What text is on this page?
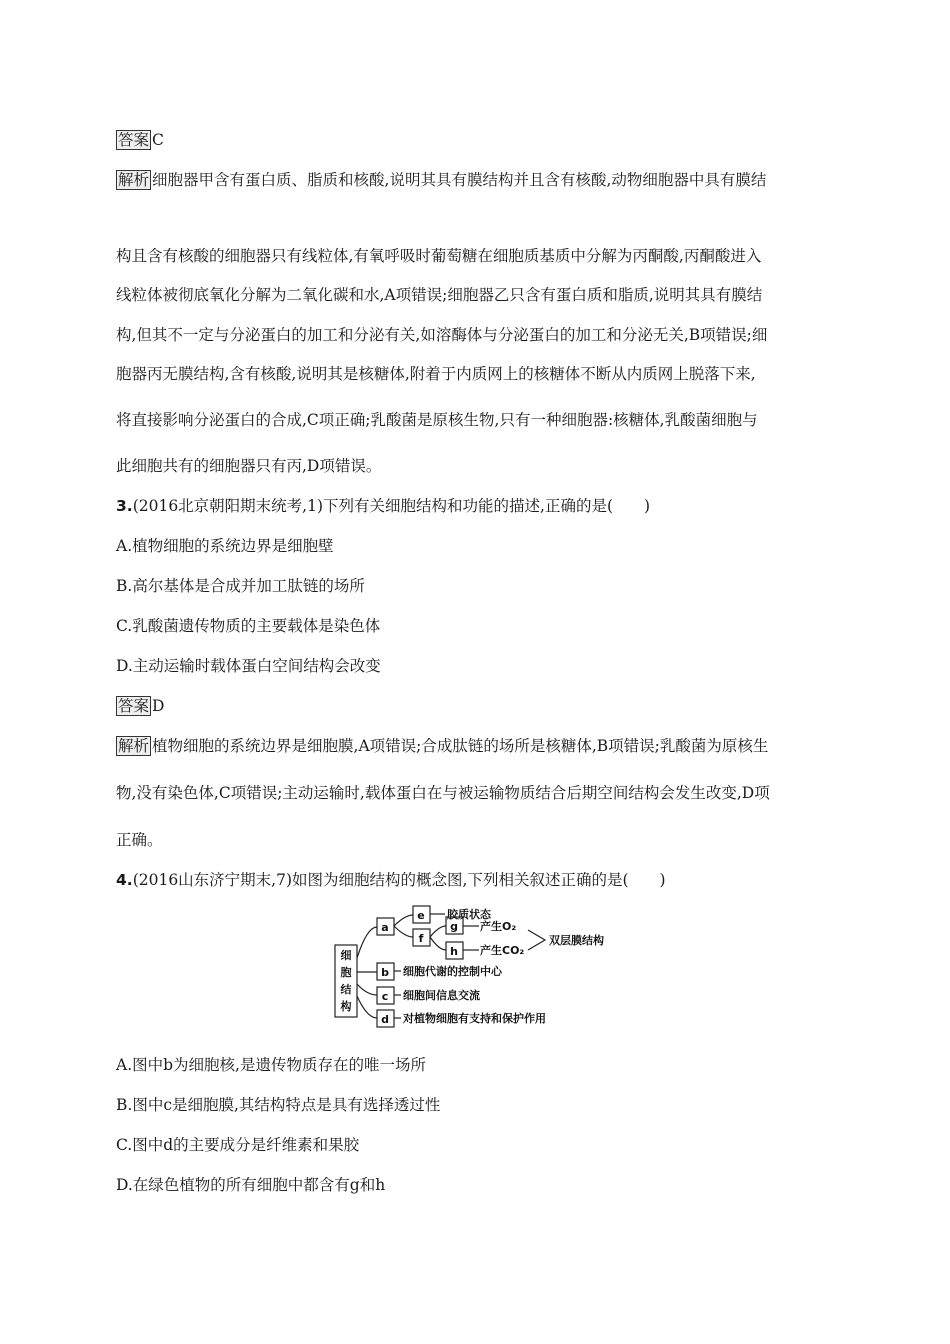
答案 C
解析 细胞器甲含有蛋白质、脂质和核酸,说明其具有膜结构并且含有核酸,动物细胞器中具有膜结
构且含有核酸的细胞器只有线粒体,有氧呼吸时葡萄糖在细胞质基质中分解为丙酮酸,丙酮酸进入
线粒体被彻底氧化分解为二氧化碳和水,A项错误;细胞器乙只含有蛋白质和脂质,说明其具有膜结
构,但其不一定与分泌蛋白的加工和分泌有关,如溶酶体与分泌蛋白的加工和分泌无关,B项错误;细
胞器丙无膜结构,含有核酸,说明其是核糖体,附着于内质网上的核糖体不断从内质网上脱落下来,
将直接影响分泌蛋白的合成,C项正确;乳酸菌是原核生物,只有一种细胞器:核糖体,乳酸菌细胞与
此细胞共有的细胞器只有丙,D项错误。
3.(2016北京朝阳期末统考,1)下列有关细胞结构和功能的描述,正确的是(　　)
A.植物细胞的系统边界是细胞壁
B.高尔基体是合成并加工肽链的场所
C.乳酸菌遗传物质的主要载体是染色体
D.主动运输时载体蛋白空间结构会改变
答案 D
解析 植物细胞的系统边界是细胞膜,A项错误;合成肽链的场所是核糖体,B项错误;乳酸菌为原核生
物,没有染色体,C项错误;主动运输时,载体蛋白在与被运输物质结合后期空间结构会发生改变,D项
正确。
4.(2016山东济宁期末,7)如图为细胞结构的概念图,下列相关叙述正确的是(　　)
细
胞
结
构
a
e
f
g
h
b
c
d
胶质状态
产生O₂
产生CO₂
双层膜结构
细胞代谢的控制中心
细胞间信息交流
对植物细胞有支持和保护作用
A.图中b为细胞核,是遗传物质存在的唯一场所
B.图中c是细胞膜,其结构特点是具有选择透过性
C.图中d的主要成分是纤维素和果胶
D.在绿色植物的所有细胞中都含有g和h
